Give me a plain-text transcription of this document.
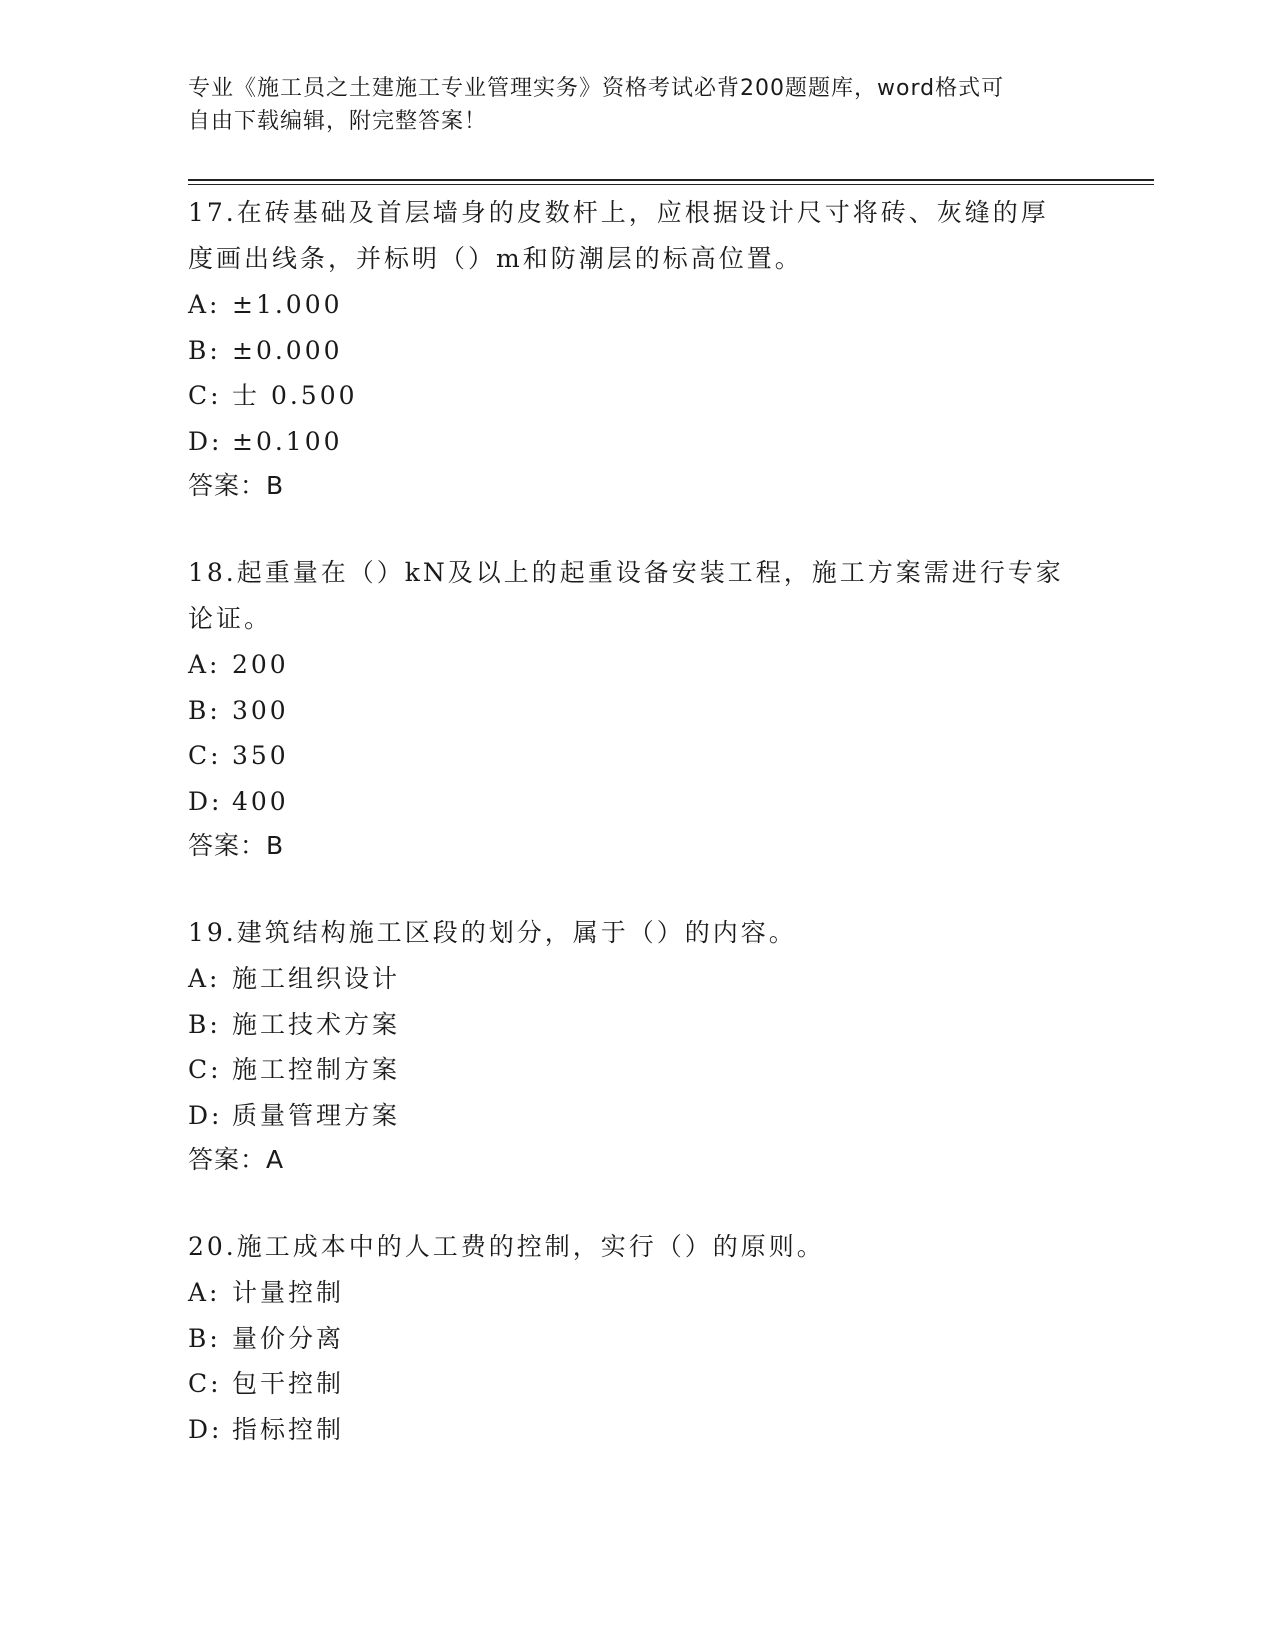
专业《施工员之土建施工专业管理实务》资格考试必背200题题库，word格式可
自由下载编辑，附完整答案！

17.在砖基础及首层墙身的皮数杆上，应根据设计尺寸将砖、灰缝的厚

度画出线条，并标明（）m和防潮层的标高位置。

A: ±1.000

B: ±0.000

C: 士 0.500

D: ±0.100

答案：B

18.起重量在（）kN及以上的起重设备安装工程，施工方案需进行专家

论证。

A: 200

B: 300

C: 350

D: 400

答案：B

19.建筑结构施工区段的划分，属于（）的内容。

A: 施工组织设计

B: 施工技术方案

C: 施工控制方案

D: 质量管理方案

答案：A

20.施工成本中的人工费的控制，实行（）的原则。

A: 计量控制

B: 量价分离

C: 包干控制

D: 指标控制
